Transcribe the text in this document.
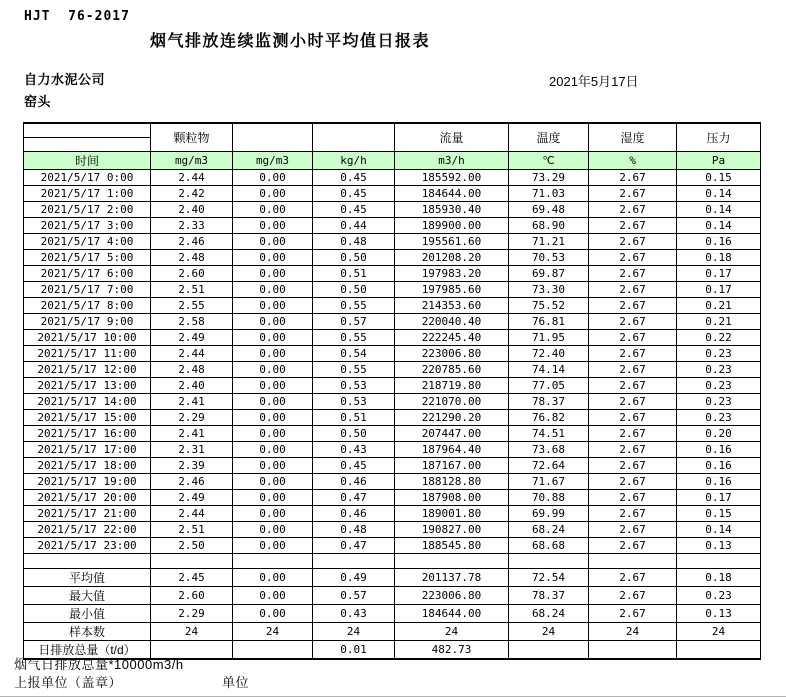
HJT  76-2017
烟气排放连续监测小时平均值日报表
自力水泥公司	2021年5月17日
窑头
	颗粒物			流量	温度	湿度	压力

时间	mg/m3	mg/m3	kg/h	m3/h	℃	%	Pa
2021/5/17 0:00	2.44	0.00	0.45	185592.00	73.29	2.67	0.15
2021/5/17 1:00	2.42	0.00	0.45	184644.00	71.03	2.67	0.14
2021/5/17 2:00	2.40	0.00	0.45	185930.40	69.48	2.67	0.14
2021/5/17 3:00	2.33	0.00	0.44	189900.00	68.90	2.67	0.14
2021/5/17 4:00	2.46	0.00	0.48	195561.60	71.21	2.67	0.16
2021/5/17 5:00	2.48	0.00	0.50	201208.20	70.53	2.67	0.18
2021/5/17 6:00	2.60	0.00	0.51	197983.20	69.87	2.67	0.17
2021/5/17 7:00	2.51	0.00	0.50	197985.60	73.30	2.67	0.17
2021/5/17 8:00	2.55	0.00	0.55	214353.60	75.52	2.67	0.21
2021/5/17 9:00	2.58	0.00	0.57	220040.40	76.81	2.67	0.21
2021/5/17 10:00	2.49	0.00	0.55	222245.40	71.95	2.67	0.22
2021/5/17 11:00	2.44	0.00	0.54	223006.80	72.40	2.67	0.23
2021/5/17 12:00	2.48	0.00	0.55	220785.60	74.14	2.67	0.23
2021/5/17 13:00	2.40	0.00	0.53	218719.80	77.05	2.67	0.23
2021/5/17 14:00	2.41	0.00	0.53	221070.00	78.37	2.67	0.23
2021/5/17 15:00	2.29	0.00	0.51	221290.20	76.82	2.67	0.23
2021/5/17 16:00	2.41	0.00	0.50	207447.00	74.51	2.67	0.20
2021/5/17 17:00	2.31	0.00	0.43	187964.40	73.68	2.67	0.16
2021/5/17 18:00	2.39	0.00	0.45	187167.00	72.64	2.67	0.16
2021/5/17 19:00	2.46	0.00	0.46	188128.80	71.67	2.67	0.16
2021/5/17 20:00	2.49	0.00	0.47	187908.00	70.88	2.67	0.17
2021/5/17 21:00	2.44	0.00	0.46	189001.80	69.99	2.67	0.15
2021/5/17 22:00	2.51	0.00	0.48	190827.00	68.24	2.67	0.14
2021/5/17 23:00	2.50	0.00	0.47	188545.80	68.68	2.67	0.13

平均值	2.45	0.00	0.49	201137.78	72.54	2.67	0.18
最大值	2.60	0.00	0.57	223006.80	78.37	2.67	0.23
最小值	2.29	0.00	0.43	184644.00	68.24	2.67	0.13
样本数	24	24	24	24	24	24	24
日排放总量（t/d）			0.01	482.73			
烟气日排放总量*10000m3/h
上报单位（盖章）	单位
